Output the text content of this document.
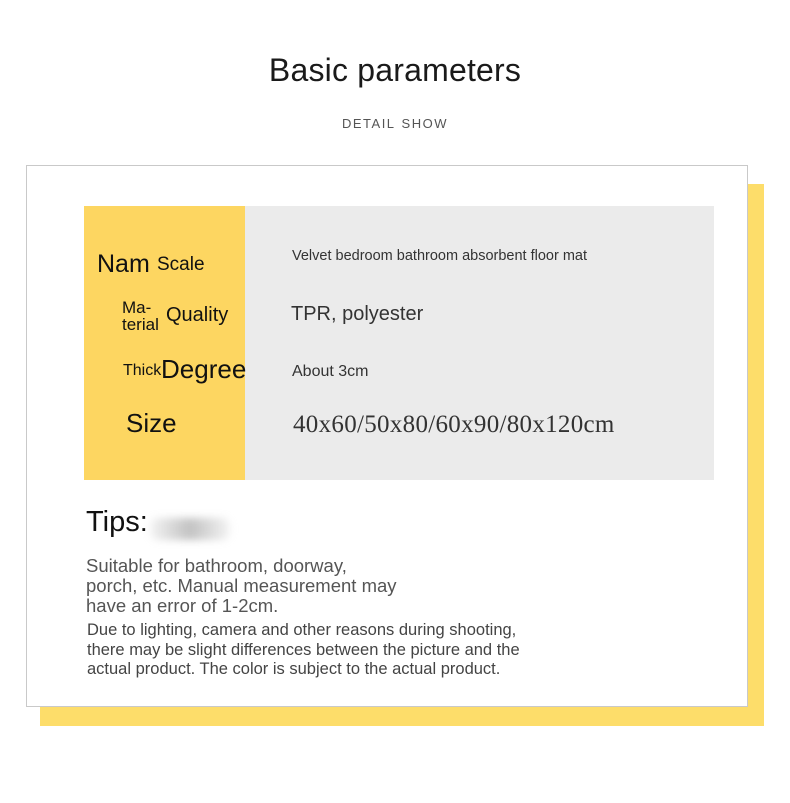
Basic parameters
DETAIL SHOW
Nam Scale	Velvet bedroom bathroom absorbent floor mat
Ma-
terial Quality	TPR, polyester
Thick Degree	About 3cm
Size	40x60/50x80/60x90/80x120cm
Tips:
Suitable for bathroom, doorway,
porch, etc. Manual measurement may
have an error of 1-2cm.
Due to lighting, camera and other reasons during shooting,
there may be slight differences between the picture and the
actual product. The color is subject to the actual product.
